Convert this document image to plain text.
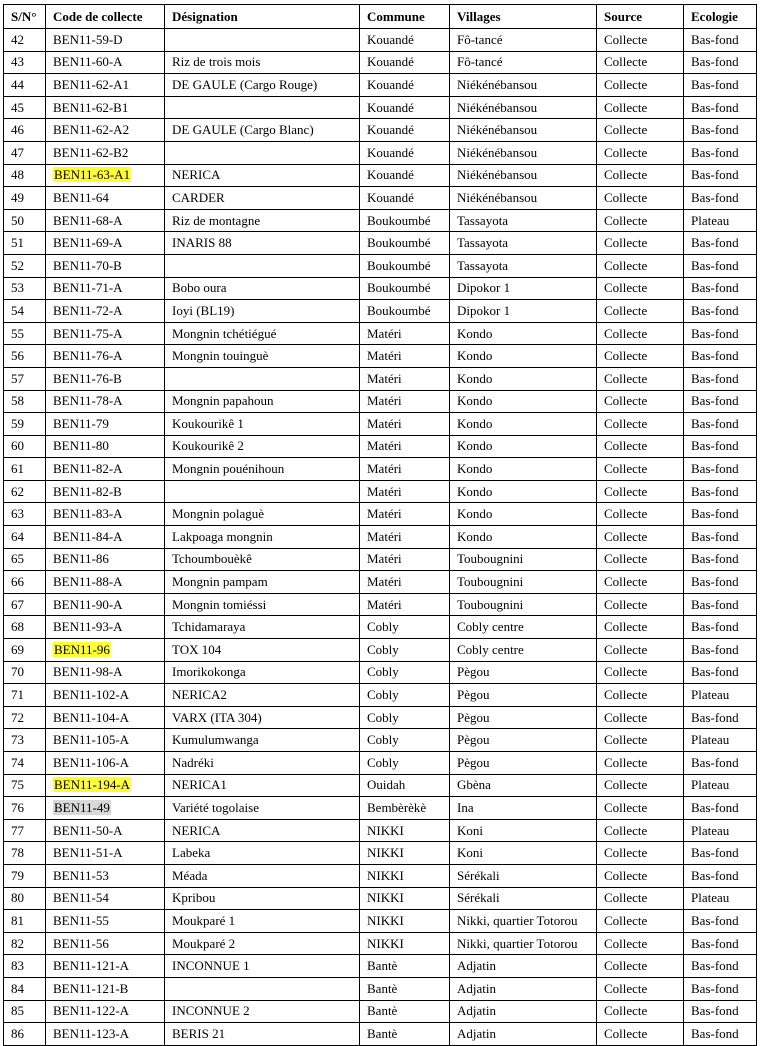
S/N°	Code de collecte	Désignation	Commune	Villages	Source	Ecologie
42	BEN11-59-D		Kouandé	Fô-tancé	Collecte	Bas-fond
43	BEN11-60-A	Riz de trois mois	Kouandé	Fô-tancé	Collecte	Bas-fond
44	BEN11-62-A1	DE GAULE (Cargo Rouge)	Kouandé	Niékénébansou	Collecte	Bas-fond
45	BEN11-62-B1		Kouandé	Niékénébansou	Collecte	Bas-fond
46	BEN11-62-A2	DE GAULE (Cargo Blanc)	Kouandé	Niékénébansou	Collecte	Bas-fond
47	BEN11-62-B2		Kouandé	Niékénébansou	Collecte	Bas-fond
48	BEN11-63-A1	NERICA	Kouandé	Niékénébansou	Collecte	Bas-fond
49	BEN11-64	CARDER	Kouandé	Niékénébansou	Collecte	Bas-fond
50	BEN11-68-A	Riz de montagne	Boukoumbé	Tassayota	Collecte	Plateau
51	BEN11-69-A	INARIS 88	Boukoumbé	Tassayota	Collecte	Bas-fond
52	BEN11-70-B		Boukoumbé	Tassayota	Collecte	Bas-fond
53	BEN11-71-A	Bobo oura	Boukoumbé	Dipokor 1	Collecte	Bas-fond
54	BEN11-72-A	Ioyi (BL19)	Boukoumbé	Dipokor 1	Collecte	Bas-fond
55	BEN11-75-A	Mongnin tchétiégué	Matéri	Kondo	Collecte	Bas-fond
56	BEN11-76-A	Mongnin touinguè	Matéri	Kondo	Collecte	Bas-fond
57	BEN11-76-B		Matéri	Kondo	Collecte	Bas-fond
58	BEN11-78-A	Mongnin papahoun	Matéri	Kondo	Collecte	Bas-fond
59	BEN11-79	Koukourikê 1	Matéri	Kondo	Collecte	Bas-fond
60	BEN11-80	Koukourikê 2	Matéri	Kondo	Collecte	Bas-fond
61	BEN11-82-A	Mongnin pouénihoun	Matéri	Kondo	Collecte	Bas-fond
62	BEN11-82-B		Matéri	Kondo	Collecte	Bas-fond
63	BEN11-83-A	Mongnin polaguè	Matéri	Kondo	Collecte	Bas-fond
64	BEN11-84-A	Lakpoaga mongnin	Matéri	Kondo	Collecte	Bas-fond
65	BEN11-86	Tchoumbouèkê	Matéri	Toubougnini	Collecte	Bas-fond
66	BEN11-88-A	Mongnin pampam	Matéri	Toubougnini	Collecte	Bas-fond
67	BEN11-90-A	Mongnin tomiéssi	Matéri	Toubougnini	Collecte	Bas-fond
68	BEN11-93-A	Tchidamaraya	Cobly	Cobly centre	Collecte	Bas-fond
69	BEN11-96	TOX 104	Cobly	Cobly centre	Collecte	Bas-fond
70	BEN11-98-A	Imorikokonga	Cobly	Pègou	Collecte	Bas-fond
71	BEN11-102-A	NERICA2	Cobly	Pègou	Collecte	Plateau
72	BEN11-104-A	VARX (ITA 304)	Cobly	Pègou	Collecte	Bas-fond
73	BEN11-105-A	Kumulumwanga	Cobly	Pègou	Collecte	Plateau
74	BEN11-106-A	Nadréki	Cobly	Pègou	Collecte	Bas-fond
75	BEN11-194-A	NERICA1	Ouidah	Gbèna	Collecte	Plateau
76	BEN11-49	Variété togolaise	Bembèrèkè	Ina	Collecte	Bas-fond
77	BEN11-50-A	NERICA	NIKKI	Koni	Collecte	Plateau
78	BEN11-51-A	Labeka	NIKKI	Koni	Collecte	Bas-fond
79	BEN11-53	Méada	NIKKI	Sérékali	Collecte	Bas-fond
80	BEN11-54	Kpribou	NIKKI	Sérékali	Collecte	Plateau
81	BEN11-55	Moukparé 1	NIKKI	Nikki, quartier Totorou	Collecte	Bas-fond
82	BEN11-56	Moukparé 2	NIKKI	Nikki, quartier Totorou	Collecte	Bas-fond
83	BEN11-121-A	INCONNUE 1	Bantè	Adjatin	Collecte	Bas-fond
84	BEN11-121-B		Bantè	Adjatin	Collecte	Bas-fond
85	BEN11-122-A	INCONNUE 2	Bantè	Adjatin	Collecte	Bas-fond
86	BEN11-123-A	BERIS 21	Bantè	Adjatin	Collecte	Bas-fond
